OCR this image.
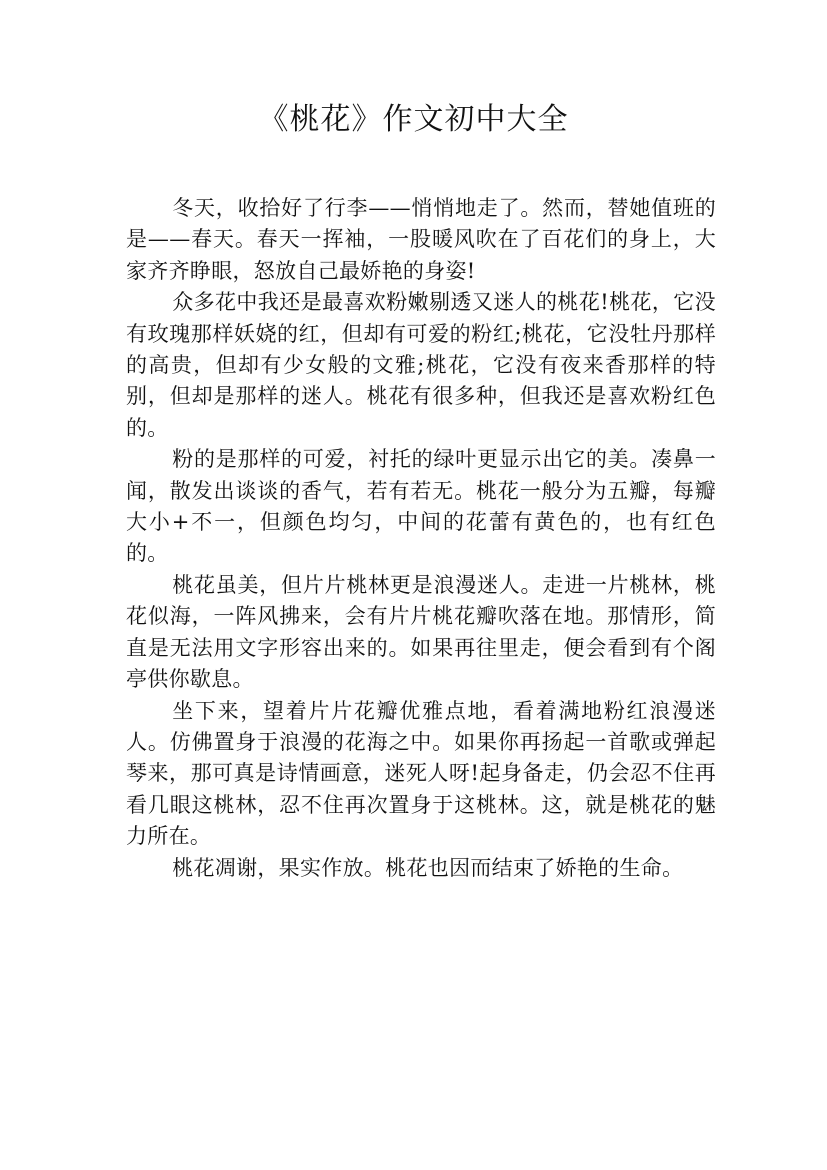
《桃花》作文初中大全

冬天，收拾好了行李——悄悄地走了。然而，替她值班的是——春天。春天一挥袖，一股暖风吹在了百花们的身上，大家齐齐睁眼，怒放自己最娇艳的身姿!

众多花中我还是最喜欢粉嫩剔透又迷人的桃花!桃花，它没有玫瑰那样妖娆的红，但却有可爱的粉红;桃花，它没牡丹那样的高贵，但却有少女般的文雅;桃花，它没有夜来香那样的特别，但却是那样的迷人。桃花有很多种，但我还是喜欢粉红色的。

粉的是那样的可爱，衬托的绿叶更显示出它的美。凑鼻一闻，散发出谈谈的香气，若有若无。桃花一般分为五瓣，每瓣大小+不一，但颜色均匀，中间的花蕾有黄色的，也有红色的。

桃花虽美，但片片桃林更是浪漫迷人。走进一片桃林，桃花似海，一阵风拂来，会有片片桃花瓣吹落在地。那情形，简直是无法用文字形容出来的。如果再往里走，便会看到有个阁亭供你歇息。

坐下来，望着片片花瓣优雅点地，看着满地粉红浪漫迷人。仿佛置身于浪漫的花海之中。如果你再扬起一首歌或弹起琴来，那可真是诗情画意，迷死人呀!起身备走，仍会忍不住再看几眼这桃林，忍不住再次置身于这桃林。这，就是桃花的魅力所在。

桃花凋谢，果实作放。桃花也因而结束了娇艳的生命。
